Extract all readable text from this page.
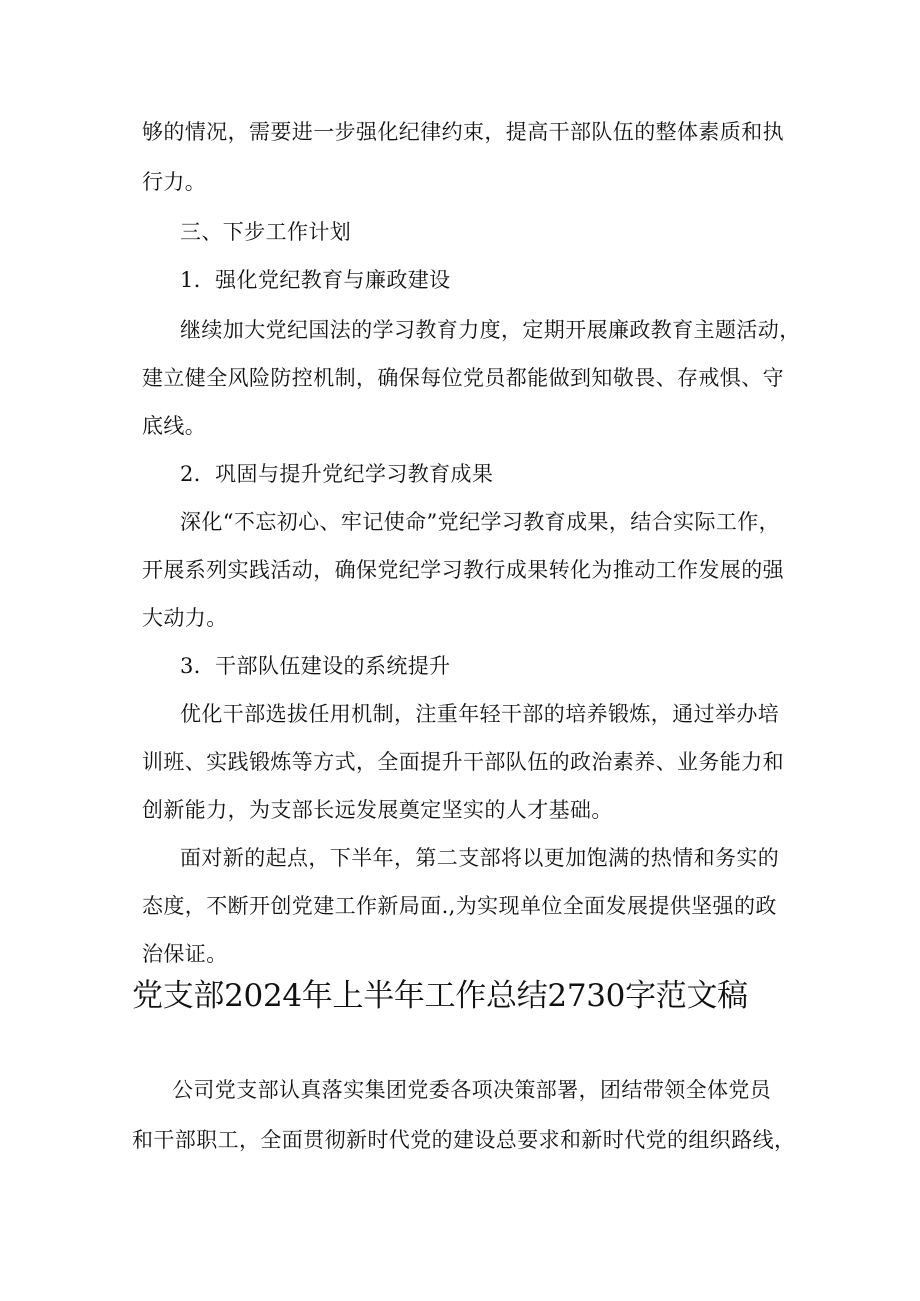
够的情况，需要进一步强化纪律约束，提高干部队伍的整体素质和执
行力。
三、下步工作计划
1．强化党纪教育与廉政建设
继续加大党纪国法的学习教育力度，定期开展廉政教育主题活动，
建立健全风险防控机制，确保每位党员都能做到知敬畏、存戒惧、守
底线。
2．巩固与提升党纪学习教育成果
深化“不忘初心、牢记使命”党纪学习教育成果，结合实际工作，
开展系列实践活动，确保党纪学习教行成果转化为推动工作发展的强
大动力。
3．干部队伍建设的系统提升
优化干部选拔任用机制，注重年轻干部的培养锻炼，通过举办培
训班、实践锻炼等方式，全面提升干部队伍的政治素养、业务能力和
创新能力，为支部长远发展奠定坚实的人才基础。
面对新的起点，下半年，第二支部将以更加饱满的热情和务实的
态度，不断开创党建工作新局面.,为实现单位全面发展提供坚强的政
治保证。
党支部2024年上半年工作总结2730字范文稿
公司党支部认真落实集团党委各项决策部署，团结带领全体党员
和干部职工，全面贯彻新时代党的建设总要求和新时代党的组织路线，
